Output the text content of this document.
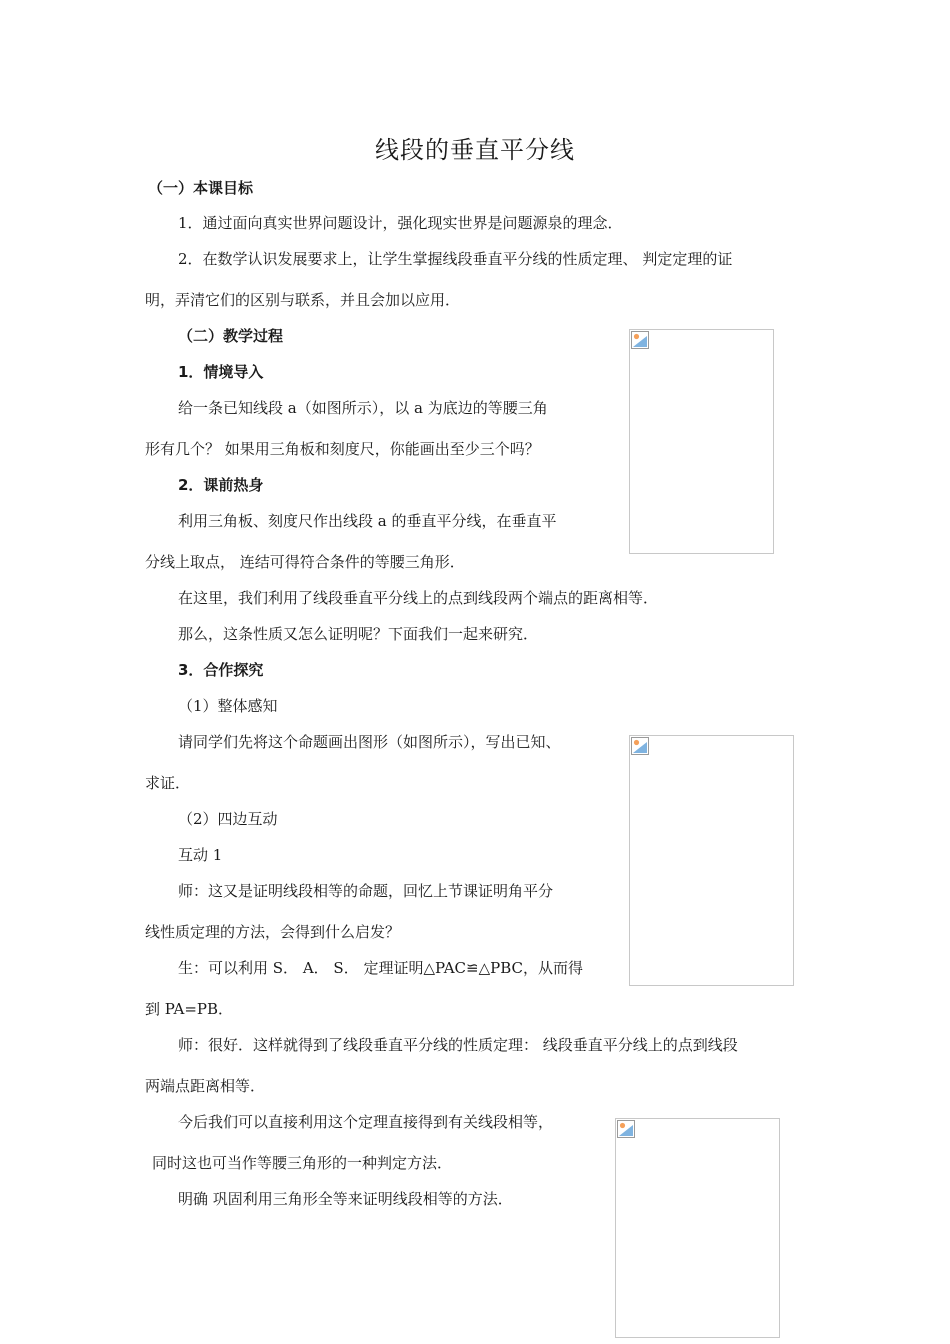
线段的垂直平分线
（一）本课目标
1．通过面向真实世界问题设计，强化现实世界是问题源泉的理念．
2．在数学认识发展要求上，让学生掌握线段垂直平分线的性质定理、 判定定理的证
明，弄清它们的区别与联系，并且会加以应用．
（二）教学过程
1．情境导入
给一条已知线段 a（如图所示），以 a 为底边的等腰三角
形有几个？ 如果用三角板和刻度尺，你能画出至少三个吗？
2．课前热身
利用三角板、刻度尺作出线段 a 的垂直平分线，在垂直平
分线上取点， 连结可得符合条件的等腰三角形．
在这里，我们利用了线段垂直平分线上的点到线段两个端点的距离相等．
那么，这条性质又怎么证明呢？下面我们一起来研究．
3．合作探究
（1）整体感知
请同学们先将这个命题画出图形（如图所示），写出已知、
求证．
（2）四边互动
互动 1
师：这又是证明线段相等的命题，回忆上节课证明角平分
线性质定理的方法，会得到什么启发？
生：可以利用 S． A． S． 定理证明△PAC≌△PBC，从而得
到 PA=PB．
师：很好．这样就得到了线段垂直平分线的性质定理： 线段垂直平分线上的点到线段
两端点距离相等．
今后我们可以直接利用这个定理直接得到有关线段相等，
同时这也可当作等腰三角形的一种判定方法．
明确 巩固利用三角形全等来证明线段相等的方法．
